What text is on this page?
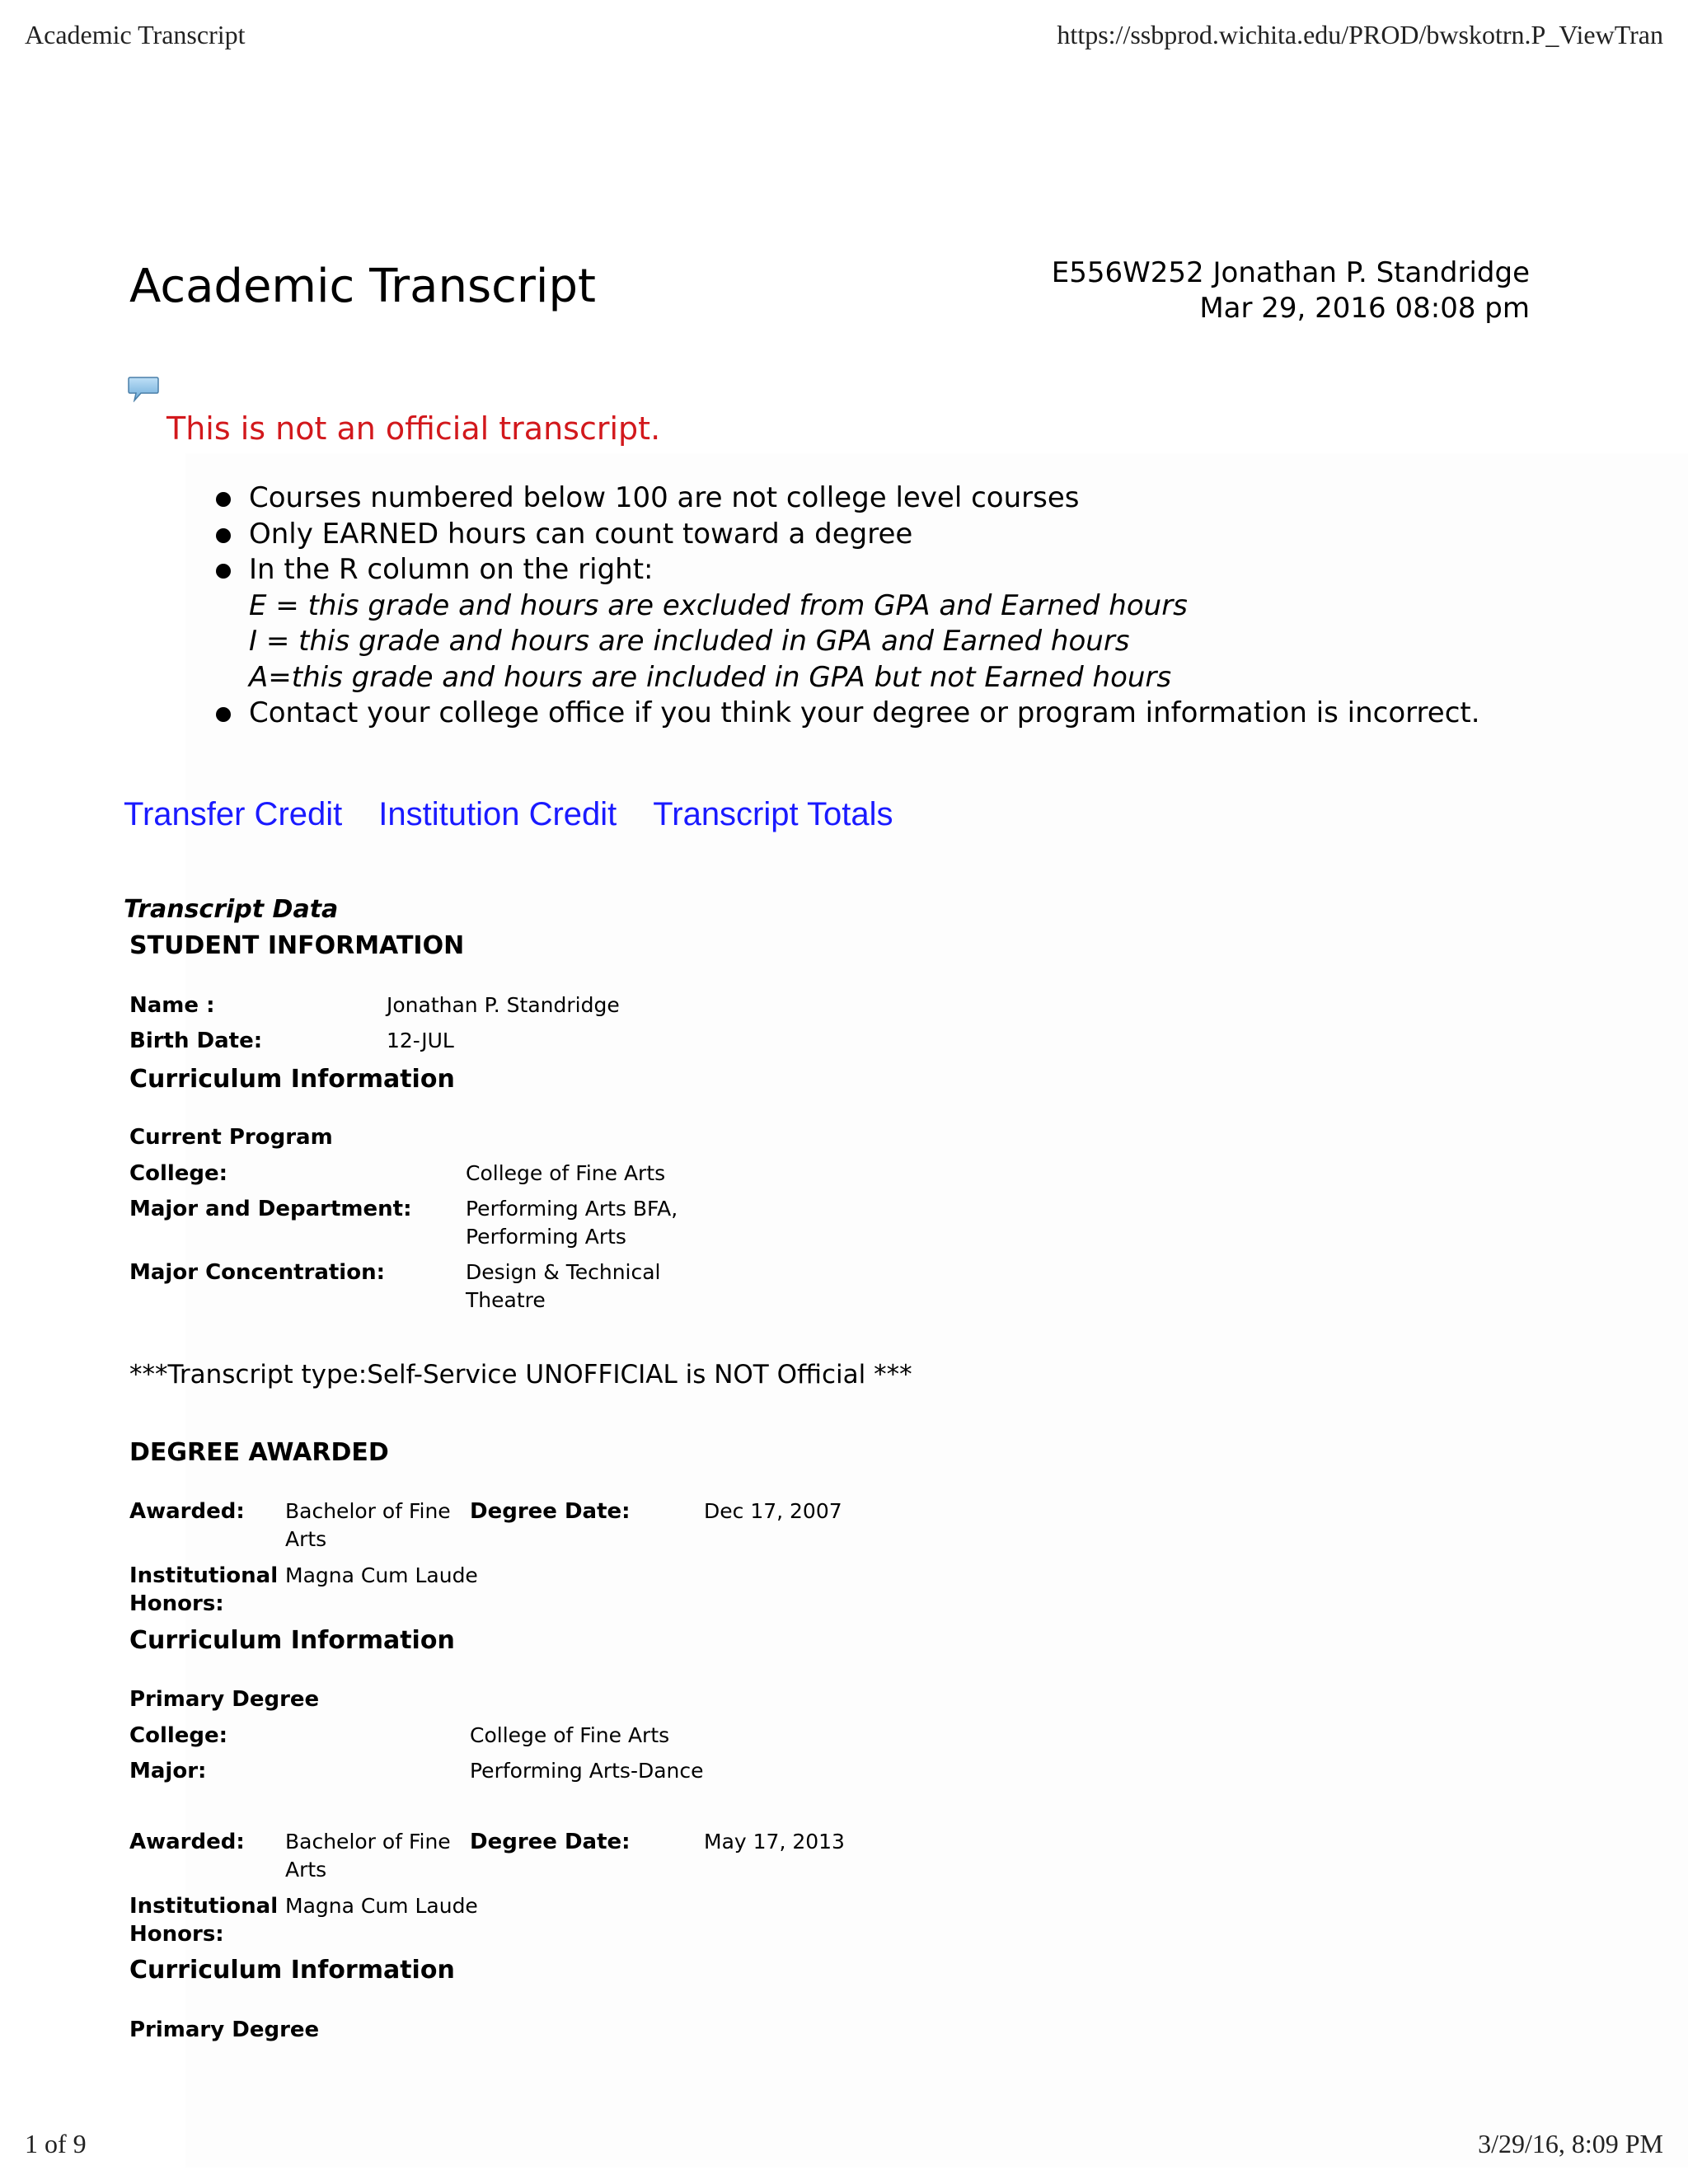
Academic Transcript	https://ssbprod.wichita.edu/PROD/bwskotrn.P_ViewTran
Academic Transcript	E556W252 Jonathan P. Standridge
Mar 29, 2016 08:08 pm
This is not an official transcript.
Courses numbered below 100 are not college level courses
Only EARNED hours can count toward a degree
In the R column on the right:
E = this grade and hours are excluded from GPA and Earned hours
I = this grade and hours are included in GPA and Earned hours
A=this grade and hours are included in GPA but not Earned hours
Contact your college office if you think your degree or program information is incorrect.
Transfer Credit Institution Credit Transcript Totals
Transcript Data
STUDENT INFORMATION
Name :	Jonathan P. Standridge
Birth Date:	12-JUL
Curriculum Information
Current Program
College:	College of Fine Arts
Major and Department:	Performing Arts BFA,
Performing Arts
Major Concentration:	Design & Technical
Theatre
***Transcript type:Self-Service UNOFFICIAL is NOT Official ***
DEGREE AWARDED
Awarded: Bachelor of Fine
Arts
Degree Date:	Dec 17, 2007
Institutional
Honors:
Magna Cum Laude
Curriculum Information
Primary Degree
College:	College of Fine Arts
Major:	Performing Arts-Dance
Awarded: Bachelor of Fine
Arts
Degree Date:	May 17, 2013
Institutional
Honors:
Magna Cum Laude
Curriculum Information
Primary Degree
1 of 9	3/29/16, 8:09 PM
